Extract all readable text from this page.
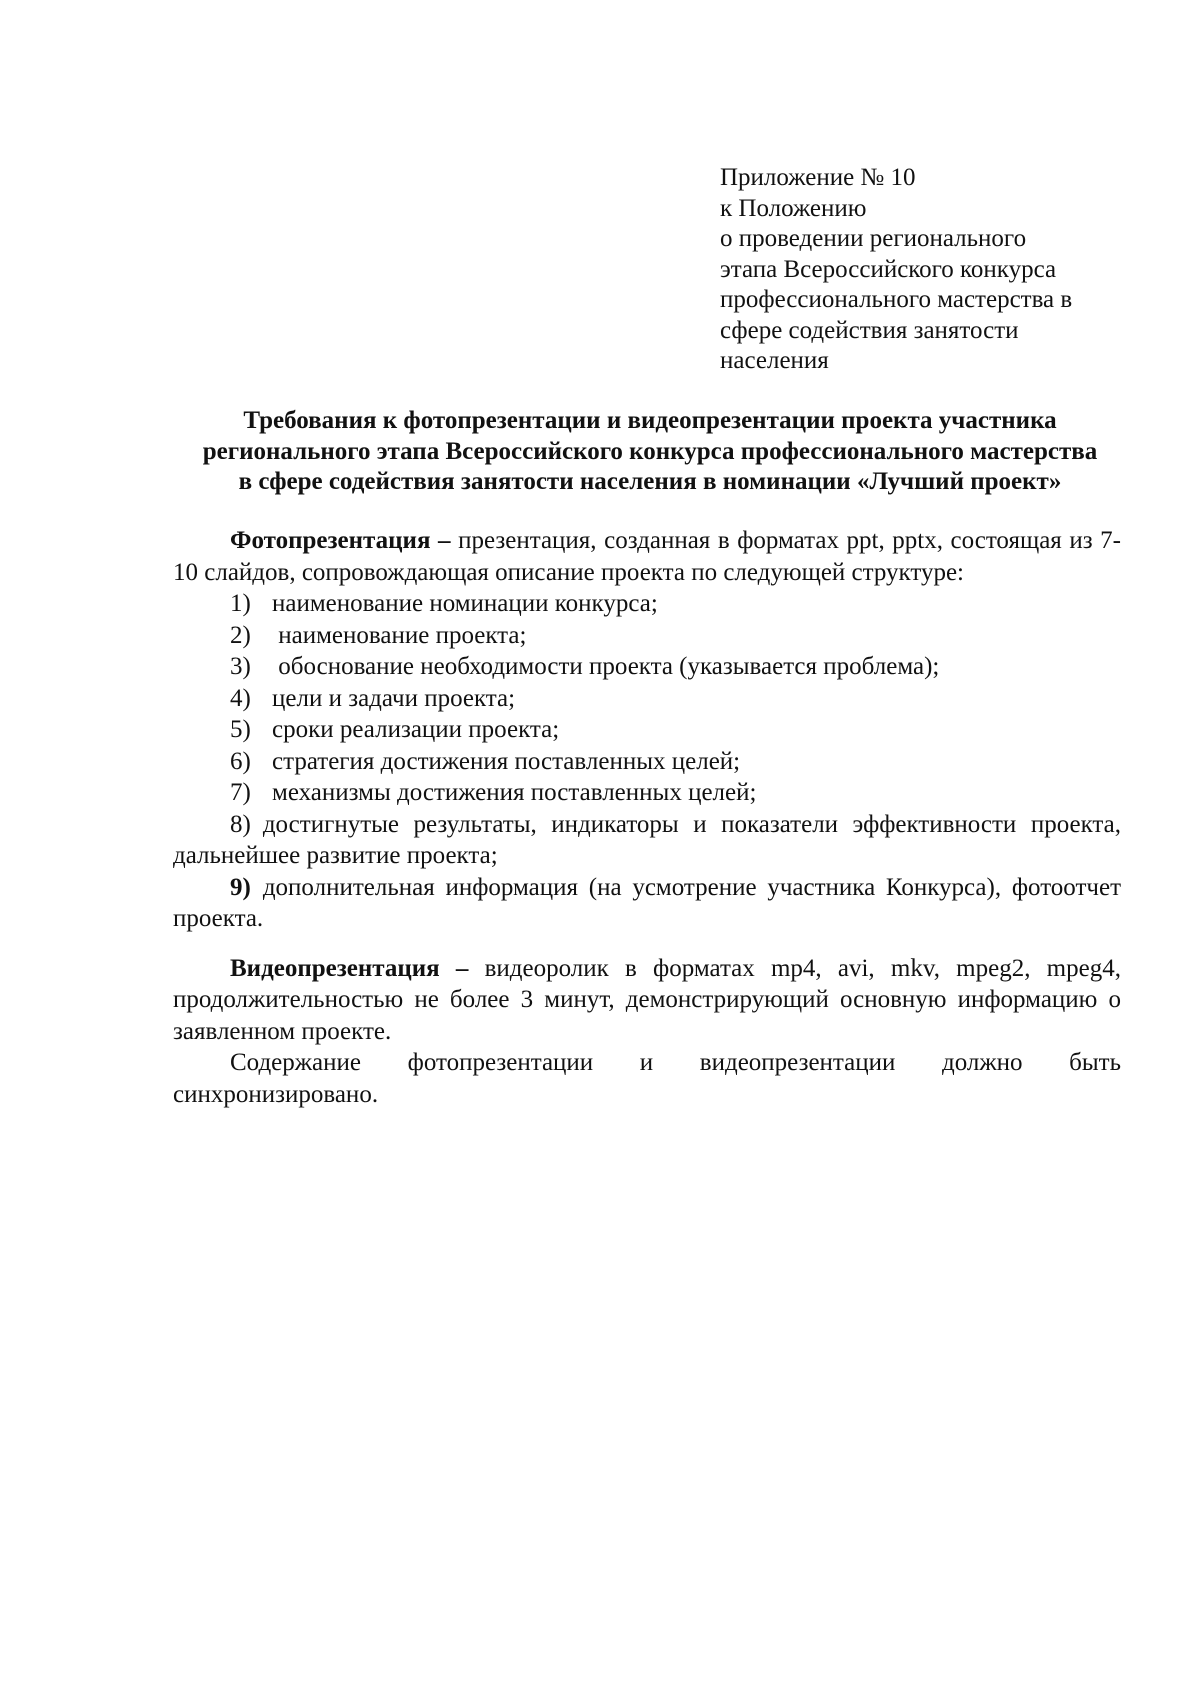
Приложение № 10
к Положению
о проведении регионального
этапа Всероссийского конкурса
профессионального мастерства в
сфере содействия занятости
населения
Требования к фотопрезентации и видеопрезентации проекта участника
регионального этапа Всероссийского конкурса профессионального мастерства
в сфере содействия занятости населения в номинации «Лучший проект»

Фотопрезентация – презентация, созданная в форматах ppt, pptx, состоящая из 7-10 слайдов, сопровождающая описание проекта по следующей структуре:

1) наименование номинации конкурса;
2) наименование проекта;
3) обоснование необходимости проекта (указывается проблема);
4) цели и задачи проекта;
5) сроки реализации проекта;
6) стратегия достижения поставленных целей;
7) механизмы достижения поставленных целей;
8) достигнутые результаты, индикаторы и показатели эффективности проекта, дальнейшее развитие проекта;
9) дополнительная информация (на усмотрение участника Конкурса), фотоотчет проекта.

Видеопрезентация – видеоролик в форматах mp4, avi, mkv, mpeg2, mpeg4, продолжительностью не более 3 минут, демонстрирующий основную информацию о заявленном проекте.

Содержание фотопрезентации и видеопрезентации должно быть синхронизировано.
